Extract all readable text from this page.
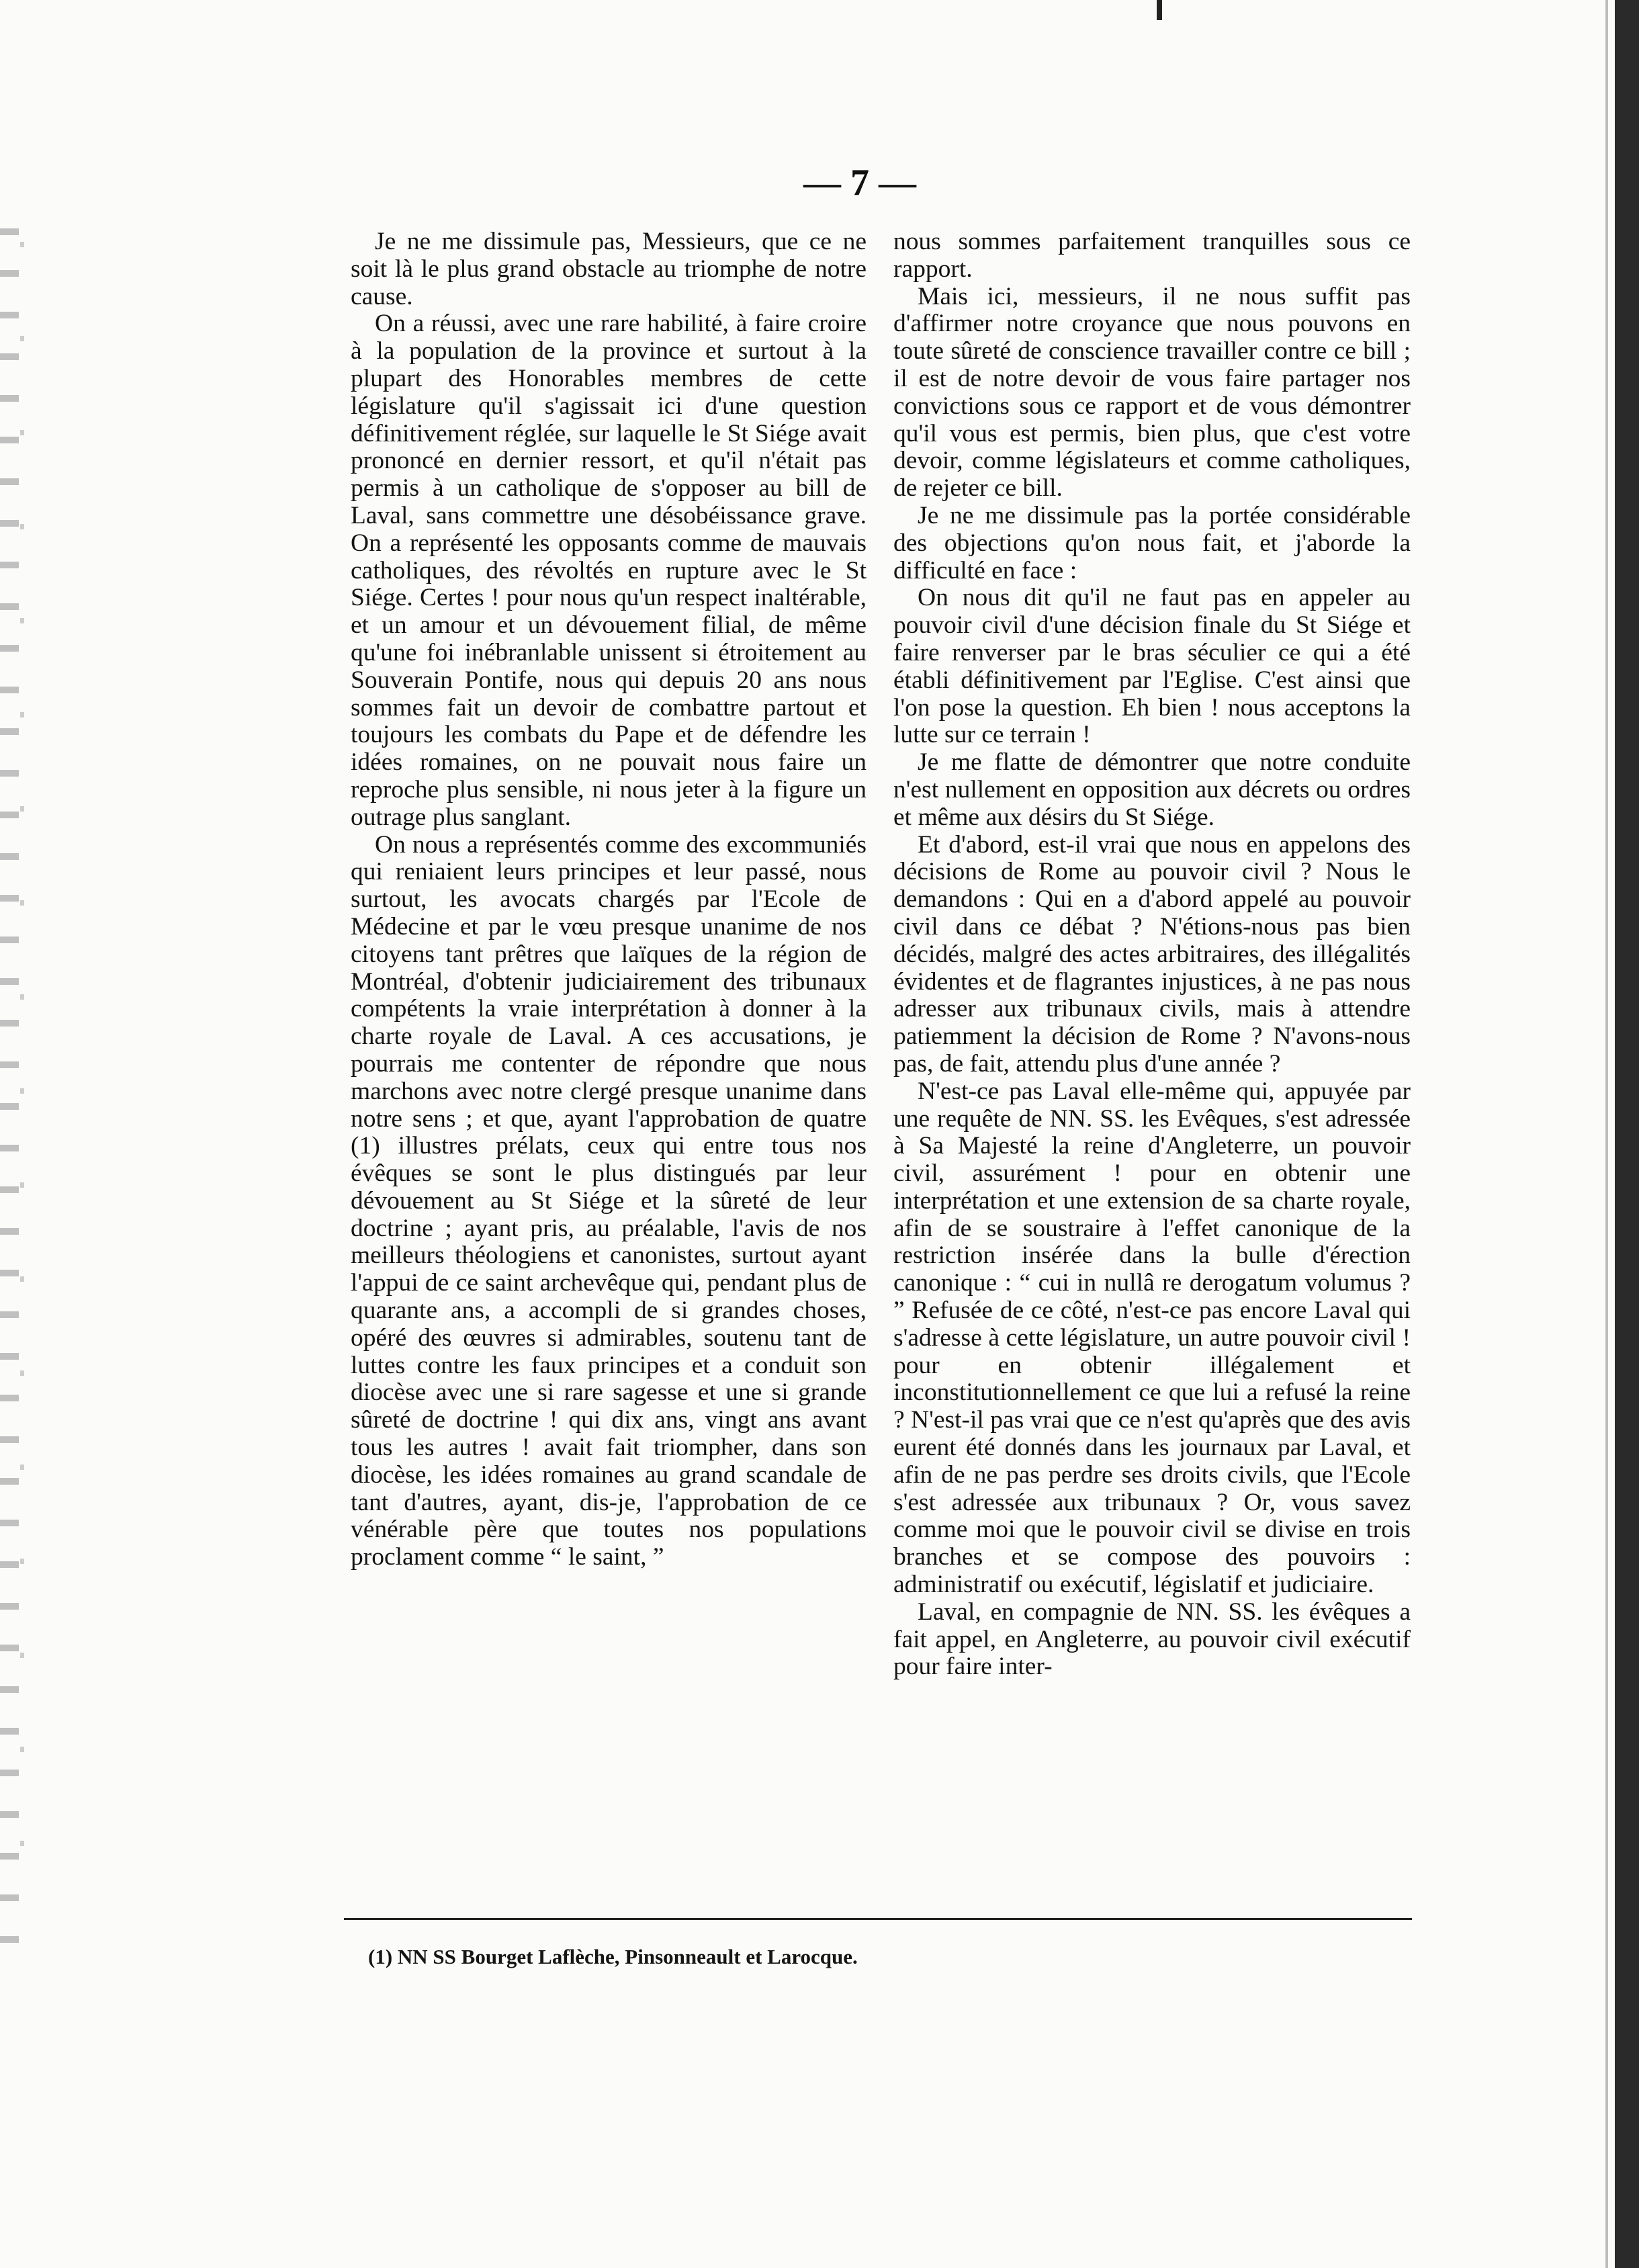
— 7 —

Je ne me dissimule pas, Messieurs, que ce ne soit là le plus grand obstacle au triomphe de notre cause.

On a réussi, avec une rare habilité, à faire croire à la population de la province et surtout à la plupart des Honorables membres de cette législature qu'il s'agissait ici d'une question définitivement réglée, sur laquelle le St Siége avait prononcé en dernier ressort, et qu'il n'était pas permis à un catholique de s'opposer au bill de Laval, sans commettre une désobéissance grave. On a représenté les opposants comme de mauvais catholiques, des révoltés en rupture avec le St Siége. Certes ! pour nous qu'un respect inaltérable, et un amour et un dévouement filial, de même qu'une foi inébranlable unissent si étroitement au Souverain Pontife, nous qui depuis 20 ans nous sommes fait un devoir de combattre partout et toujours les combats du Pape et de défendre les idées romaines, on ne pouvait nous faire un reproche plus sensible, ni nous jeter à la figure un outrage plus sanglant.

On nous a représentés comme des excommuniés qui reniaient leurs principes et leur passé, nous surtout, les avocats chargés par l'Ecole de Médecine et par le vœu presque unanime de nos citoyens tant prêtres que laïques de la région de Montréal, d'obtenir judiciairement des tribunaux compétents la vraie interprétation à donner à la charte royale de Laval. A ces accusations, je pourrais me contenter de répondre que nous marchons avec notre clergé presque unanime dans notre sens ; et que, ayant l'approbation de quatre (1) illustres prélats, ceux qui entre tous nos évêques se sont le plus distingués par leur dévouement au St Siége et la sûreté de leur doctrine ; ayant pris, au préalable, l'avis de nos meilleurs théologiens et canonistes, surtout ayant l'appui de ce saint archevêque qui, pendant plus de quarante ans, a accompli de si grandes choses, opéré des œuvres si admirables, soutenu tant de luttes contre les faux principes et a conduit son diocèse avec une si rare sagesse et une si grande sûreté de doctrine ! qui dix ans, vingt ans avant tous les autres ! avait fait triompher, dans son diocèse, les idées romaines au grand scandale de tant d'autres, ayant, dis-je, l'approbation de ce vénérable père que toutes nos populations proclament comme “ le saint, ”

nous sommes parfaitement tranquilles sous ce rapport.

Mais ici, messieurs, il ne nous suffit pas d'affirmer notre croyance que nous pouvons en toute sûreté de conscience travailler contre ce bill ; il est de notre devoir de vous faire partager nos convictions sous ce rapport et de vous démontrer qu'il vous est permis, bien plus, que c'est votre devoir, comme législateurs et comme catholiques, de rejeter ce bill.

Je ne me dissimule pas la portée considérable des objections qu'on nous fait, et j'aborde la difficulté en face :

On nous dit qu'il ne faut pas en appeler au pouvoir civil d'une décision finale du St Siége et faire renverser par le bras séculier ce qui a été établi définitivement par l'Eglise. C'est ainsi que l'on pose la question. Eh bien ! nous acceptons la lutte sur ce terrain !

Je me flatte de démontrer que notre conduite n'est nullement en opposition aux décrets ou ordres et même aux désirs du St Siége.

Et d'abord, est-il vrai que nous en appelons des décisions de Rome au pouvoir civil ? Nous le demandons : Qui en a d'abord appelé au pouvoir civil dans ce débat ? N'étions-nous pas bien décidés, malgré des actes arbitraires, des illégalités évidentes et de flagrantes injustices, à ne pas nous adresser aux tribunaux civils, mais à attendre patiemment la décision de Rome ? N'avons-nous pas, de fait, attendu plus d'une année ?

N'est-ce pas Laval elle-même qui, appuyée par une requête de NN. SS. les Evêques, s'est adressée à Sa Majesté la reine d'Angleterre, un pouvoir civil, assurément ! pour en obtenir une interprétation et une extension de sa charte royale, afin de se soustraire à l'effet canonique de la restriction insérée dans la bulle d'érection canonique : “ cui in nullâ re derogatum volumus ? ” Refusée de ce côté, n'est-ce pas encore Laval qui s'adresse à cette législature, un autre pouvoir civil ! pour en obtenir illégalement et inconstitutionnellement ce que lui a refusé la reine ? N'est-il pas vrai que ce n'est qu'après que des avis eurent été donnés dans les journaux par Laval, et afin de ne pas perdre ses droits civils, que l'Ecole s'est adressée aux tribunaux ? Or, vous savez comme moi que le pouvoir civil se divise en trois branches et se compose des pouvoirs : administratif ou exécutif, législatif et judiciaire.

Laval, en compagnie de NN. SS. les évêques a fait appel, en Angleterre, au pouvoir civil exécutif pour faire inter-

(1) NN SS Bourget Laflèche, Pinsonneault et Larocque.
